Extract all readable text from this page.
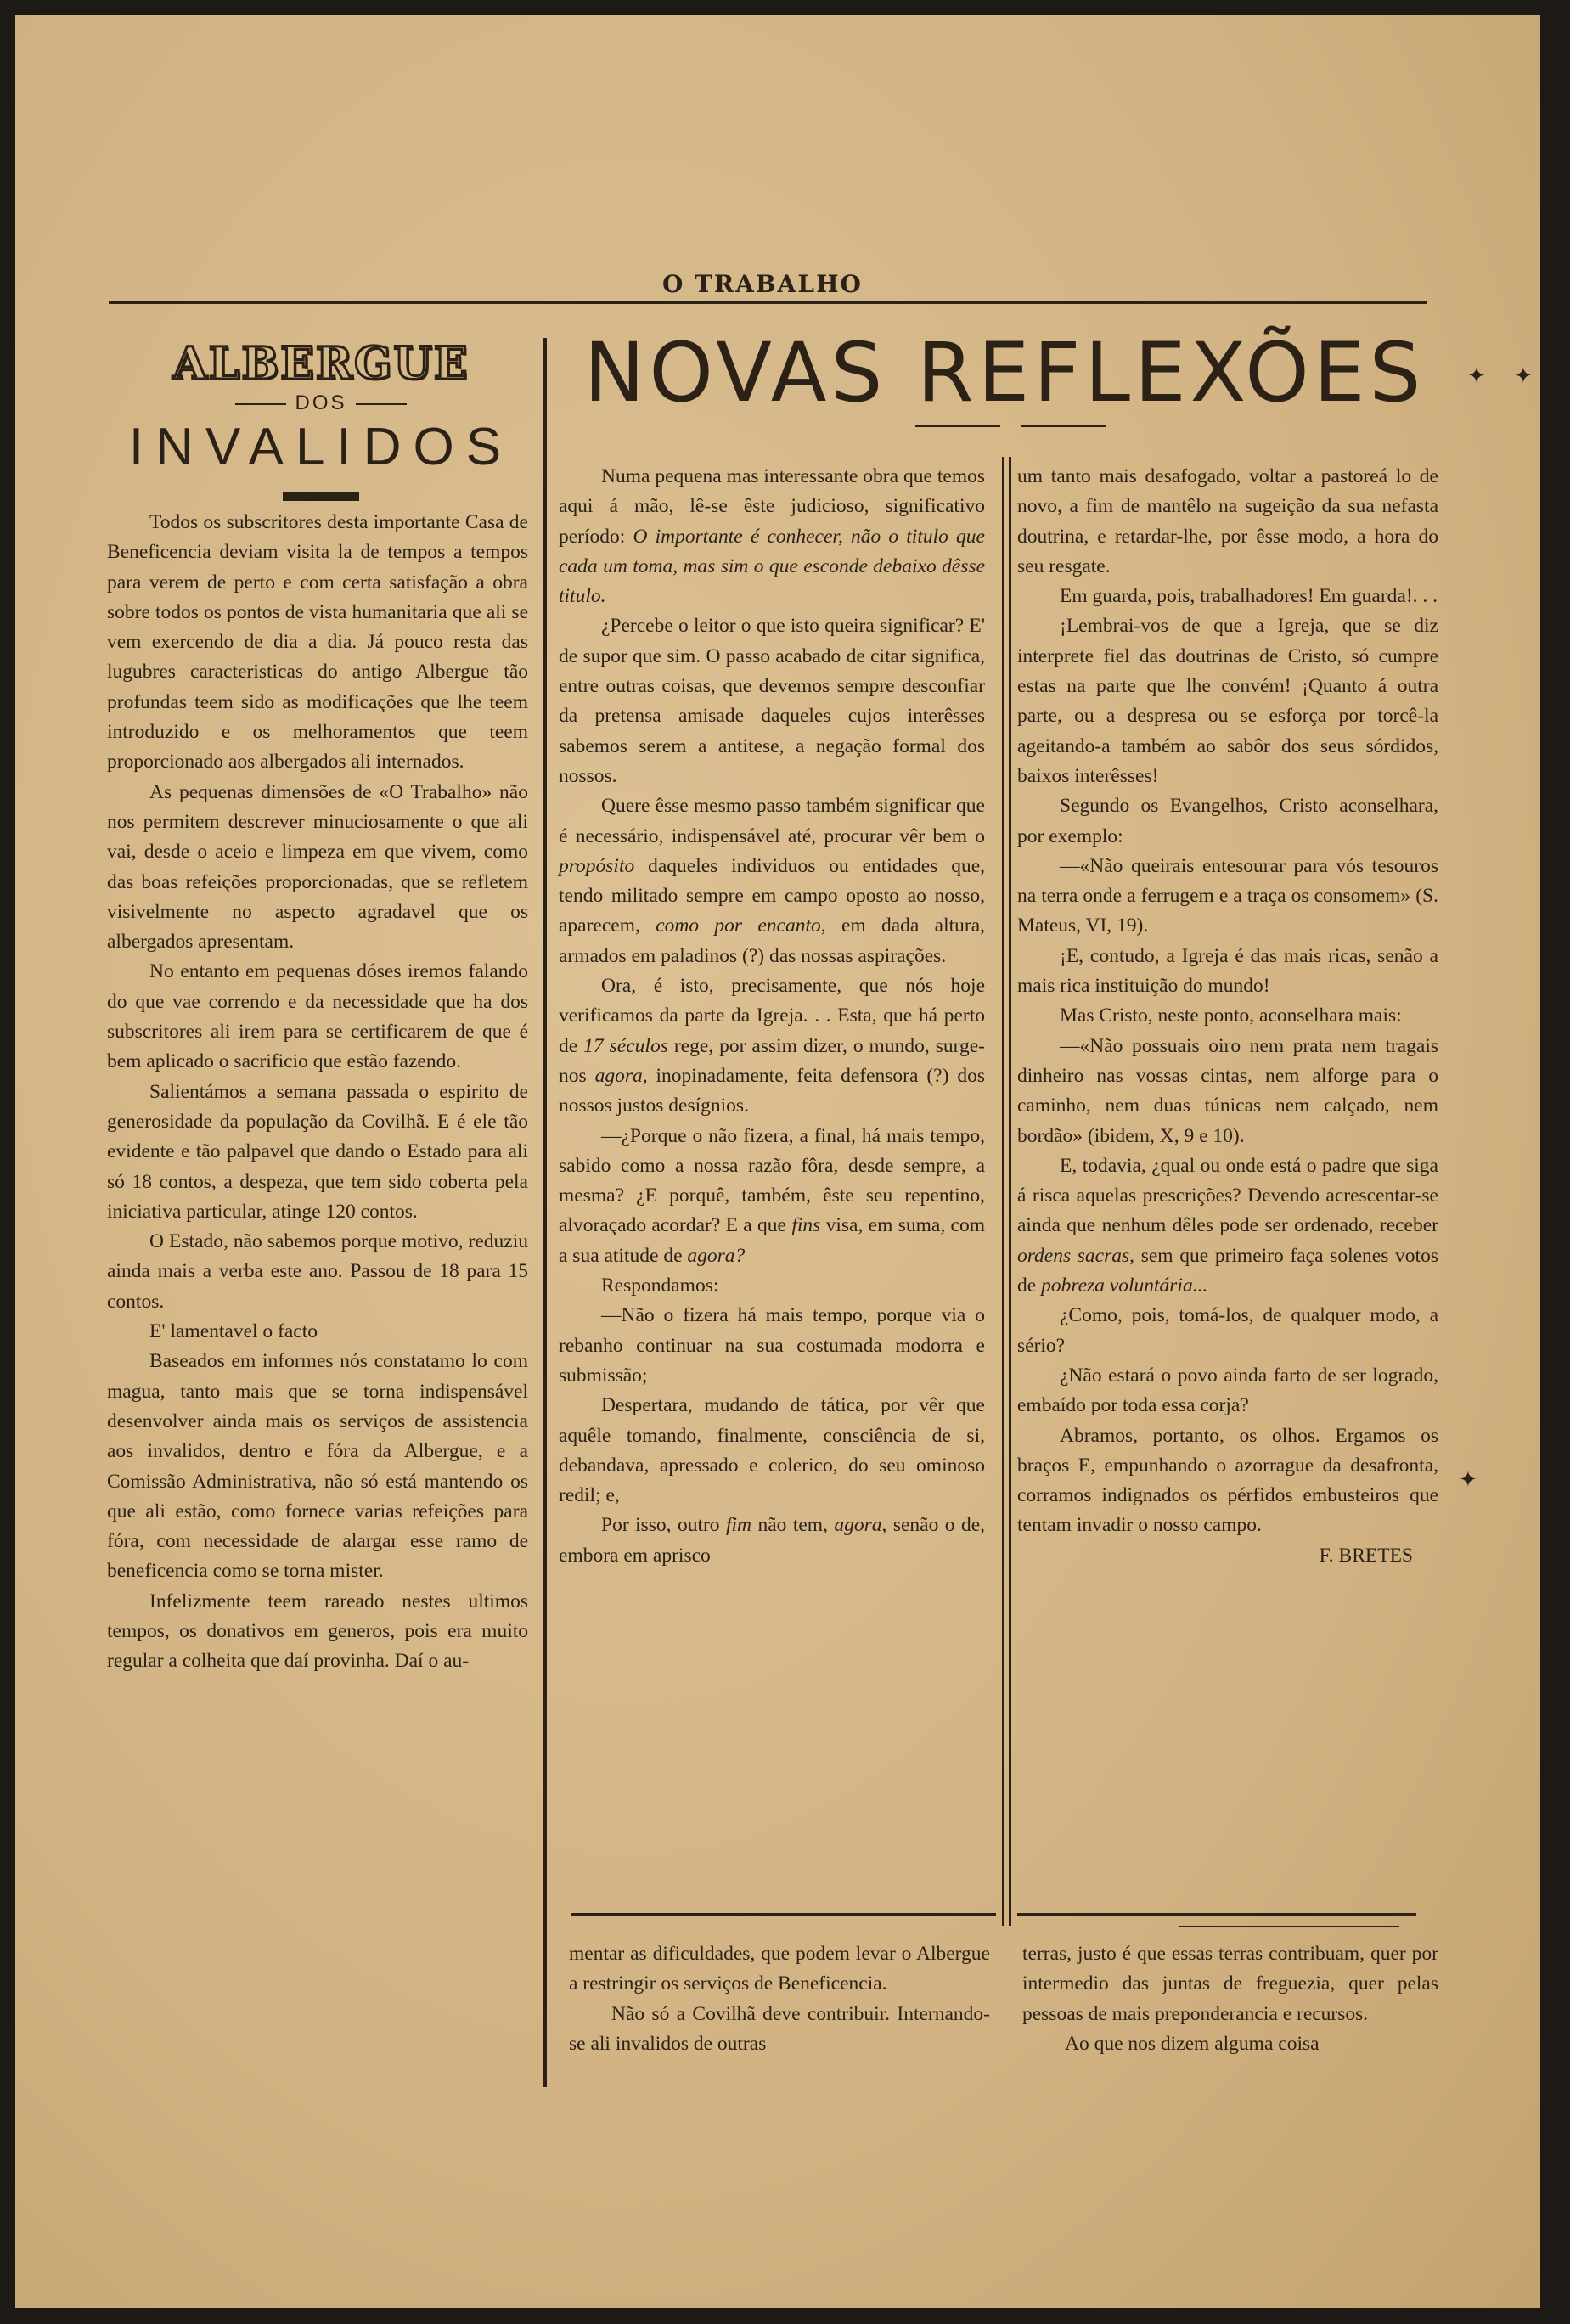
O TRABALHO
ALBERGUE
DOS
INVALIDOS
NOVAS REFLEXÕES

Todos os subscritores desta importante Casa de Beneficencia deviam visita la de tempos a tempos para verem de perto e com certa satisfação a obra sobre todos os pontos de vista humanitaria que ali se vem exercendo de dia a dia. Já pouco resta das lugubres caracteristicas do antigo Albergue tão profundas teem sido as modificações que lhe teem introduzido e os melhoramentos que teem proporcionado aos albergados ali internados.

As pequenas dimensões de «O Trabalho» não nos permitem descrever minuciosamente o que ali vai, desde o aceio e limpeza em que vivem, como das boas refeições proporcionadas, que se refletem visivelmente no aspecto agradavel que os albergados apresentam.

No entanto em pequenas dóses iremos falando do que vae correndo e da necessidade que ha dos subscritores ali irem para se certificarem de que é bem aplicado o sacrificio que estão fazendo.

Salientámos a semana passada o espirito de generosidade da população da Covilhã. E é ele tão evidente e tão palpavel que dando o Estado para ali só 18 contos, a despeza, que tem sido coberta pela iniciativa particular, atinge 120 contos.

O Estado, não sabemos porque motivo, reduziu ainda mais a verba este ano. Passou de 18 para 15 contos.

E' lamentavel o facto

Baseados em informes nós constatamo lo com magua, tanto mais que se torna indispensável desenvolver ainda mais os serviços de assistencia aos invalidos, dentro e fóra da Albergue, e a Comissão Administrativa, não só está mantendo os que ali estão, como fornece varias refeições para fóra, com necessidade de alargar esse ramo de beneficencia como se torna mister.

Infelizmente teem rareado nestes ultimos tempos, os donativos em generos, pois era muito regular a colheita que daí provinha. Daí o au-

Numa pequena mas interessante obra que temos aqui á mão, lê-se êste judicioso, significativo período: O importante é conhecer, não o titulo que cada um toma, mas sim o que esconde debaixo dêsse titulo.

¿Percebe o leitor o que isto queira significar? E' de supor que sim. O passo acabado de citar significa, entre outras coisas, que devemos sempre desconfiar da pretensa amisade daqueles cujos interêsses sabemos serem a antitese, a negação formal dos nossos.

Quere êsse mesmo passo também significar que é necessário, indispensável até, procurar vêr bem o propósito daqueles individuos ou entidades que, tendo militado sempre em campo oposto ao nosso, aparecem, como por encanto, em dada altura, armados em paladinos (?) das nossas aspirações.

Ora, é isto, precisamente, que nós hoje verificamos da parte da Igreja. . . Esta, que há perto de 17 séculos rege, por assim dizer, o mundo, surge-nos agora, inopinadamente, feita defensora (?) dos nossos justos desígnios.

—¿Porque o não fizera, a final, há mais tempo, sabido como a nossa razão fôra, desde sempre, a mesma? ¿E porquê, também, êste seu repentino, alvoraçado acordar? E a que fins visa, em suma, com a sua atitude de agora?

Respondamos:

—Não o fizera há mais tempo, porque via o rebanho continuar na sua costumada modorra e submissão;

Despertara, mudando de tática, por vêr que aquêle tomando, finalmente, consciência de si, debandava, apressado e colerico, do seu ominoso redil; e,

Por isso, outro fim não tem, agora, senão o de, embora em aprisco

um tanto mais desafogado, voltar a pastoreá lo de novo, a fim de mantêlo na sugeição da sua nefasta doutrina, e retardar-lhe, por êsse modo, a hora do seu resgate.

Em guarda, pois, trabalhadores! Em guarda!. . .

¡Lembrai-vos de que a Igreja, que se diz interprete fiel das doutrinas de Cristo, só cumpre estas na parte que lhe convém! ¡Quanto á outra parte, ou a despresa ou se esforça por torcê-la ageitando-a também ao sabôr dos seus sórdidos, baixos interêsses!

Segundo os Evangelhos, Cristo aconselhara, por exemplo:

—«Não queirais entesourar para vós tesouros na terra onde a ferrugem e a traça os consomem» (S. Mateus, VI, 19).

¡E, contudo, a Igreja é das mais ricas, senão a mais rica instituição do mundo!

Mas Cristo, neste ponto, aconselhara mais:

—«Não possuais oiro nem prata nem tragais dinheiro nas vossas cintas, nem alforge para o caminho, nem duas túnicas nem calçado, nem bordão» (ibidem, X, 9 e 10).

E, todavia, ¿qual ou onde está o padre que siga á risca aquelas prescrições? Devendo acrescentar-se ainda que nenhum dêles pode ser ordenado, receber ordens sacras, sem que primeiro faça solenes votos de pobreza voluntária...

¿Como, pois, tomá-los, de qualquer modo, a sério?

¿Não estará o povo ainda farto de ser logrado, embaído por toda essa corja?

Abramos, portanto, os olhos. Ergamos os braços E, empunhando o azorrague da desafronta, corramos indignados os pérfidos embusteiros que tentam invadir o nosso campo.

F. BRETES

mentar as dificuldades, que podem levar o Albergue a restringir os serviços de Beneficencia.

Não só a Covilhã deve contribuir. Internando-se ali invalidos de outras

terras, justo é que essas terras contribuam, quer por intermedio das juntas de freguezia, quer pelas pessoas de mais preponderancia e recursos.

Ao que nos dizem alguma coisa

✦ ✦
✦
